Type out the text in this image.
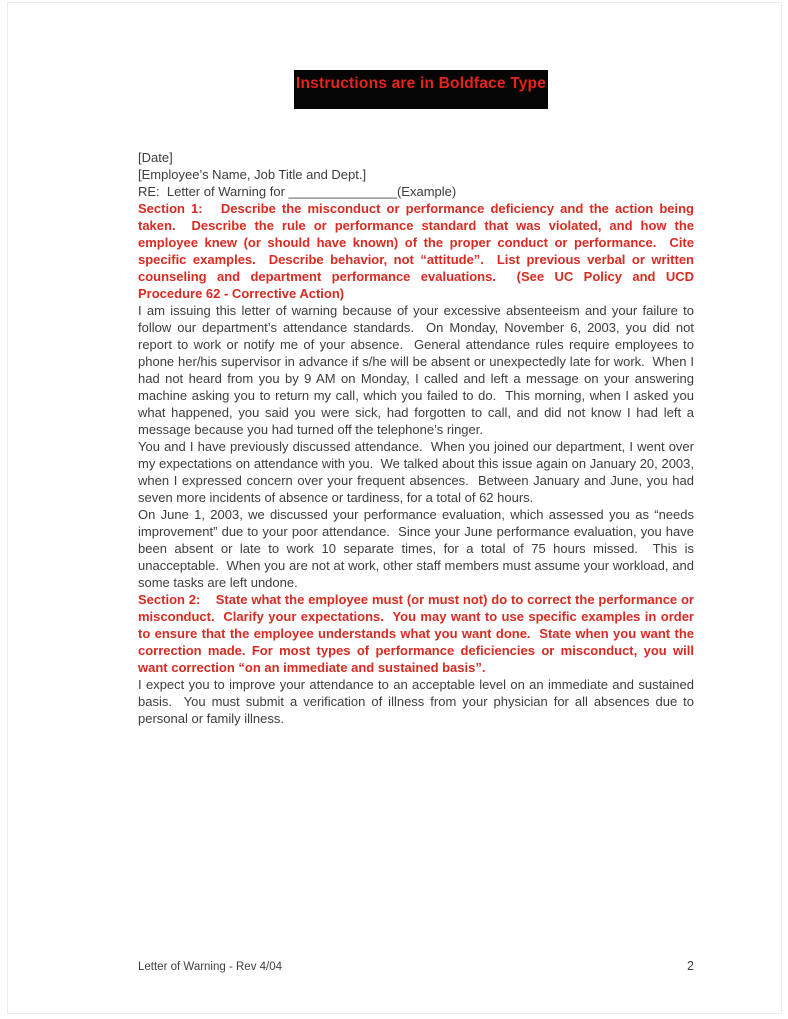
Instructions are in Boldface Type

[Date]

[Employee’s Name, Job Title and Dept.]

RE:  Letter of Warning for _______________(Example)

Section 1:   Describe the misconduct or performance deficiency and the action being taken.  Describe the rule or performance standard that was violated, and how the employee knew (or should have known) of the proper conduct or performance.  Cite specific examples.  Describe behavior, not “attitude”.  List previous verbal or written counseling and department performance evaluations.  (See UC Policy and UCD Procedure 62 - Corrective Action)

I am issuing this letter of warning because of your excessive absenteeism and your failure to follow our department’s attendance standards.  On Monday, November 6, 2003, you did not report to work or notify me of your absence.  General attendance rules require employees to phone her/his supervisor in advance if s/he will be absent or unexpectedly late for work.  When I had not heard from you by 9 AM on Monday, I called and left a message on your answering machine asking you to return my call, which you failed to do.  This morning, when I asked you what happened, you said you were sick, had forgotten to call, and did not know I had left a message because you had turned off the telephone’s ringer.

You and I have previously discussed attendance.  When you joined our department, I went over my expectations on attendance with you.  We talked about this issue again on January 20, 2003, when I expressed concern over your frequent absences.  Between January and June, you had seven more incidents of absence or tardiness, for a total of 62 hours.

On June 1, 2003, we discussed your performance evaluation, which assessed you as “needs improvement” due to your poor attendance.  Since your June performance evaluation, you have been absent or late to work 10 separate times, for a total of 75 hours missed.  This is unacceptable.  When you are not at work, other staff members must assume your workload, and some tasks are left undone.

Section 2:    State what the employee must (or must not) do to correct the performance or misconduct.  Clarify your expectations.  You may want to use specific examples in order to ensure that the employee understands what you want done.  State when you want the correction made. For most types of performance deficiencies or misconduct, you will want correction “on an immediate and sustained basis”.

I expect you to improve your attendance to an acceptable level on an immediate and sustained basis.  You must submit a verification of illness from your physician for all absences due to personal or family illness.

Letter of Warning - Rev 4/04	2
